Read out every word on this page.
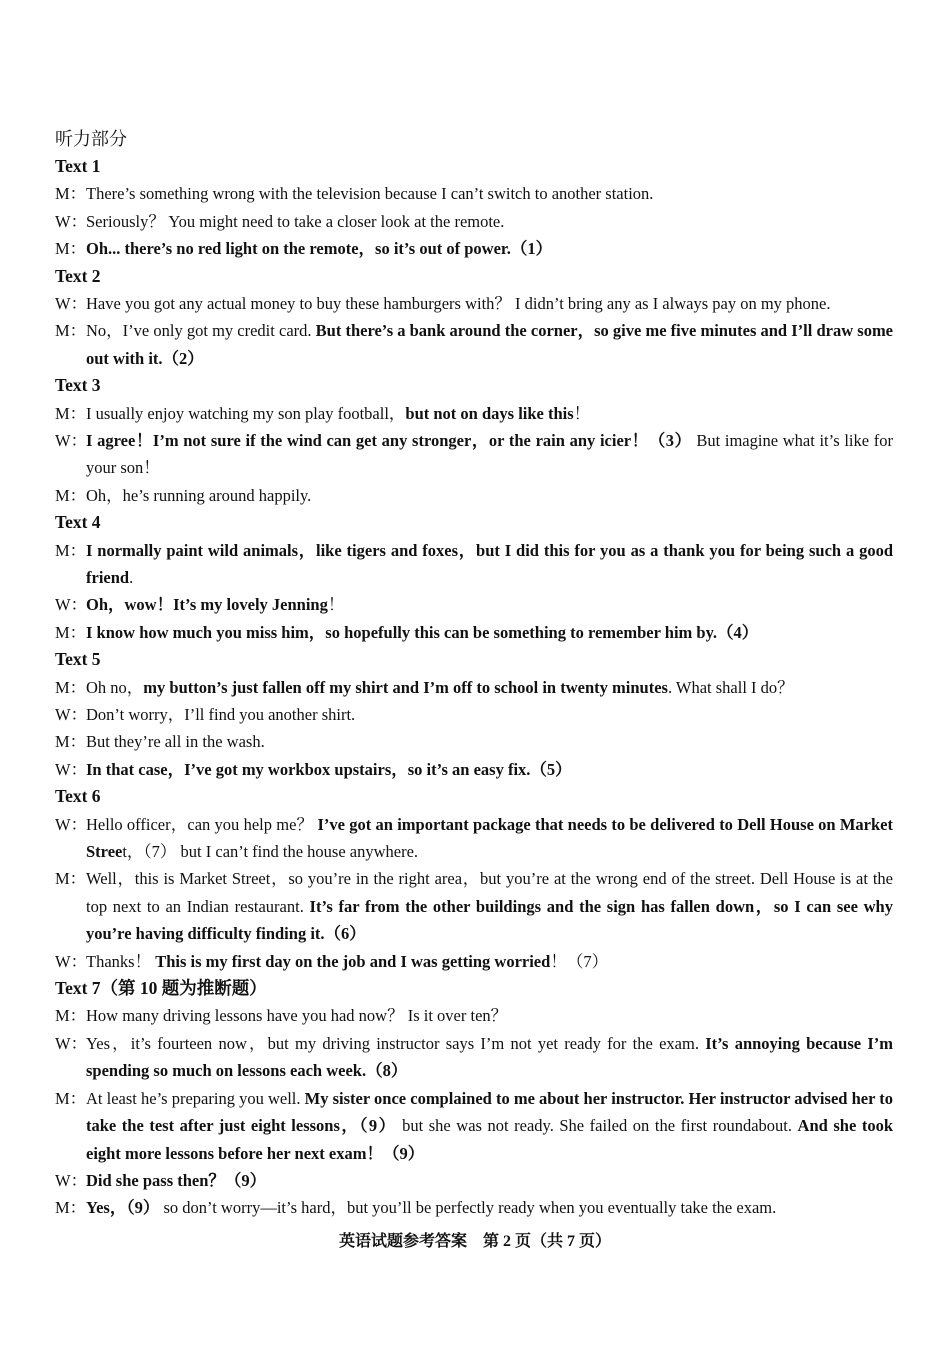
听力部分
Text 1
M：There’s something wrong with the television because I can’t switch to another station.
W：Seriously？ You might need to take a closer look at the remote.
M：Oh... there’s no red light on the remote，so it’s out of power.（1）
Text 2
W：Have you got any actual money to buy these hamburgers with？ I didn’t bring any as I always pay on my phone.
M：No，I’ve only got my credit card. But there’s a bank around the corner，so give me five minutes and I’ll draw some out with it.（2）
Text 3
M：I usually enjoy watching my son play football，but not on days like this！
W：I agree！I’m not sure if the wind can get any stronger，or the rain any icier！（3） But imagine what it’s like for your son！
M：Oh，he’s running around happily.
Text 4
M：I normally paint wild animals，like tigers and foxes，but I did this for you as a thank you for being such a good friend.
W：Oh，wow！It’s my lovely Jenning！
M：I know how much you miss him，so hopefully this can be something to remember him by.（4）
Text 5
M：Oh no，my button’s just fallen off my shirt and I’m off to school in twenty minutes. What shall I do？
W：Don’t worry，I’ll find you another shirt.
M：But they’re all in the wash.
W：In that case，I’ve got my workbox upstairs，so it’s an easy fix.（5）
Text 6
W：Hello officer，can you help me？ I’ve got an important package that needs to be delivered to Dell House on Market Street，（7） but I can’t find the house anywhere.
M：Well，this is Market Street，so you’re in the right area，but you’re at the wrong end of the street. Dell House is at the top next to an Indian restaurant. It’s far from the other buildings and the sign has fallen down，so I can see why you’re having difficulty finding it.（6）
W：Thanks！ This is my first day on the job and I was getting worried！（7）
Text 7（第 10 题为推断题）
M：How many driving lessons have you had now？ Is it over ten？
W：Yes，it’s fourteen now，but my driving instructor says I’m not yet ready for the exam. It’s annoying because I’m spending so much on lessons each week.（8）
M：At least he’s preparing you well. My sister once complained to me about her instructor. Her instructor advised her to take the test after just eight lessons，（9） but she was not ready. She failed on the first roundabout. And she took eight more lessons before her next exam！（9）
W：Did she pass then？（9）
M：Yes，（9） so don’t worry—it’s hard，but you’ll be perfectly ready when you eventually take the exam.
英语试题参考答案　第 2 页（共 7 页）
